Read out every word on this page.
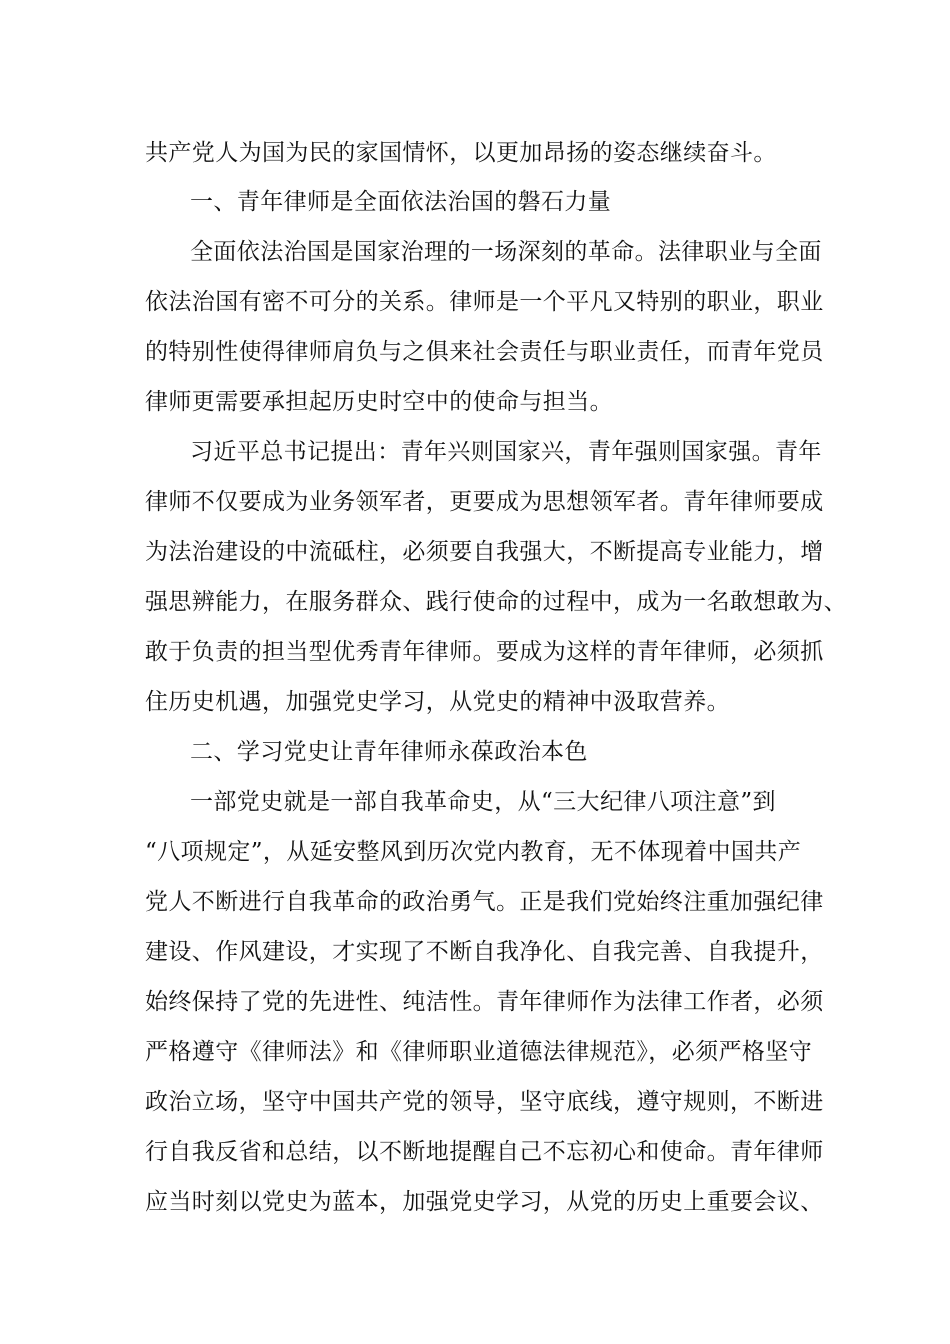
共产党人为国为民的家国情怀，以更加昂扬的姿态继续奋斗。
一、青年律师是全面依法治国的磐石力量
全面依法治国是国家治理的一场深刻的革命。法律职业与全面
依法治国有密不可分的关系。律师是一个平凡又特别的职业，职业
的特别性使得律师肩负与之俱来社会责任与职业责任，而青年党员
律师更需要承担起历史时空中的使命与担当。
习近平总书记提出：青年兴则国家兴，青年强则国家强。青年
律师不仅要成为业务领军者，更要成为思想领军者。青年律师要成
为法治建设的中流砥柱，必须要自我强大，不断提高专业能力，增
强思辨能力，在服务群众、践行使命的过程中，成为一名敢想敢为、
敢于负责的担当型优秀青年律师。要成为这样的青年律师，必须抓
住历史机遇，加强党史学习，从党史的精神中汲取营养。
二、学习党史让青年律师永葆政治本色
一部党史就是一部自我革命史，从“三大纪律八项注意”到
“八项规定”，从延安整风到历次党内教育，无不体现着中国共产
党人不断进行自我革命的政治勇气。正是我们党始终注重加强纪律
建设、作风建设，才实现了不断自我净化、自我完善、自我提升，
始终保持了党的先进性、纯洁性。青年律师作为法律工作者，必须
严格遵守《律师法》和《律师职业道德法律规范》，必须严格坚守
政治立场，坚守中国共产党的领导，坚守底线，遵守规则，不断进
行自我反省和总结，以不断地提醒自己不忘初心和使命。青年律师
应当时刻以党史为蓝本，加强党史学习，从党的历史上重要会议、
